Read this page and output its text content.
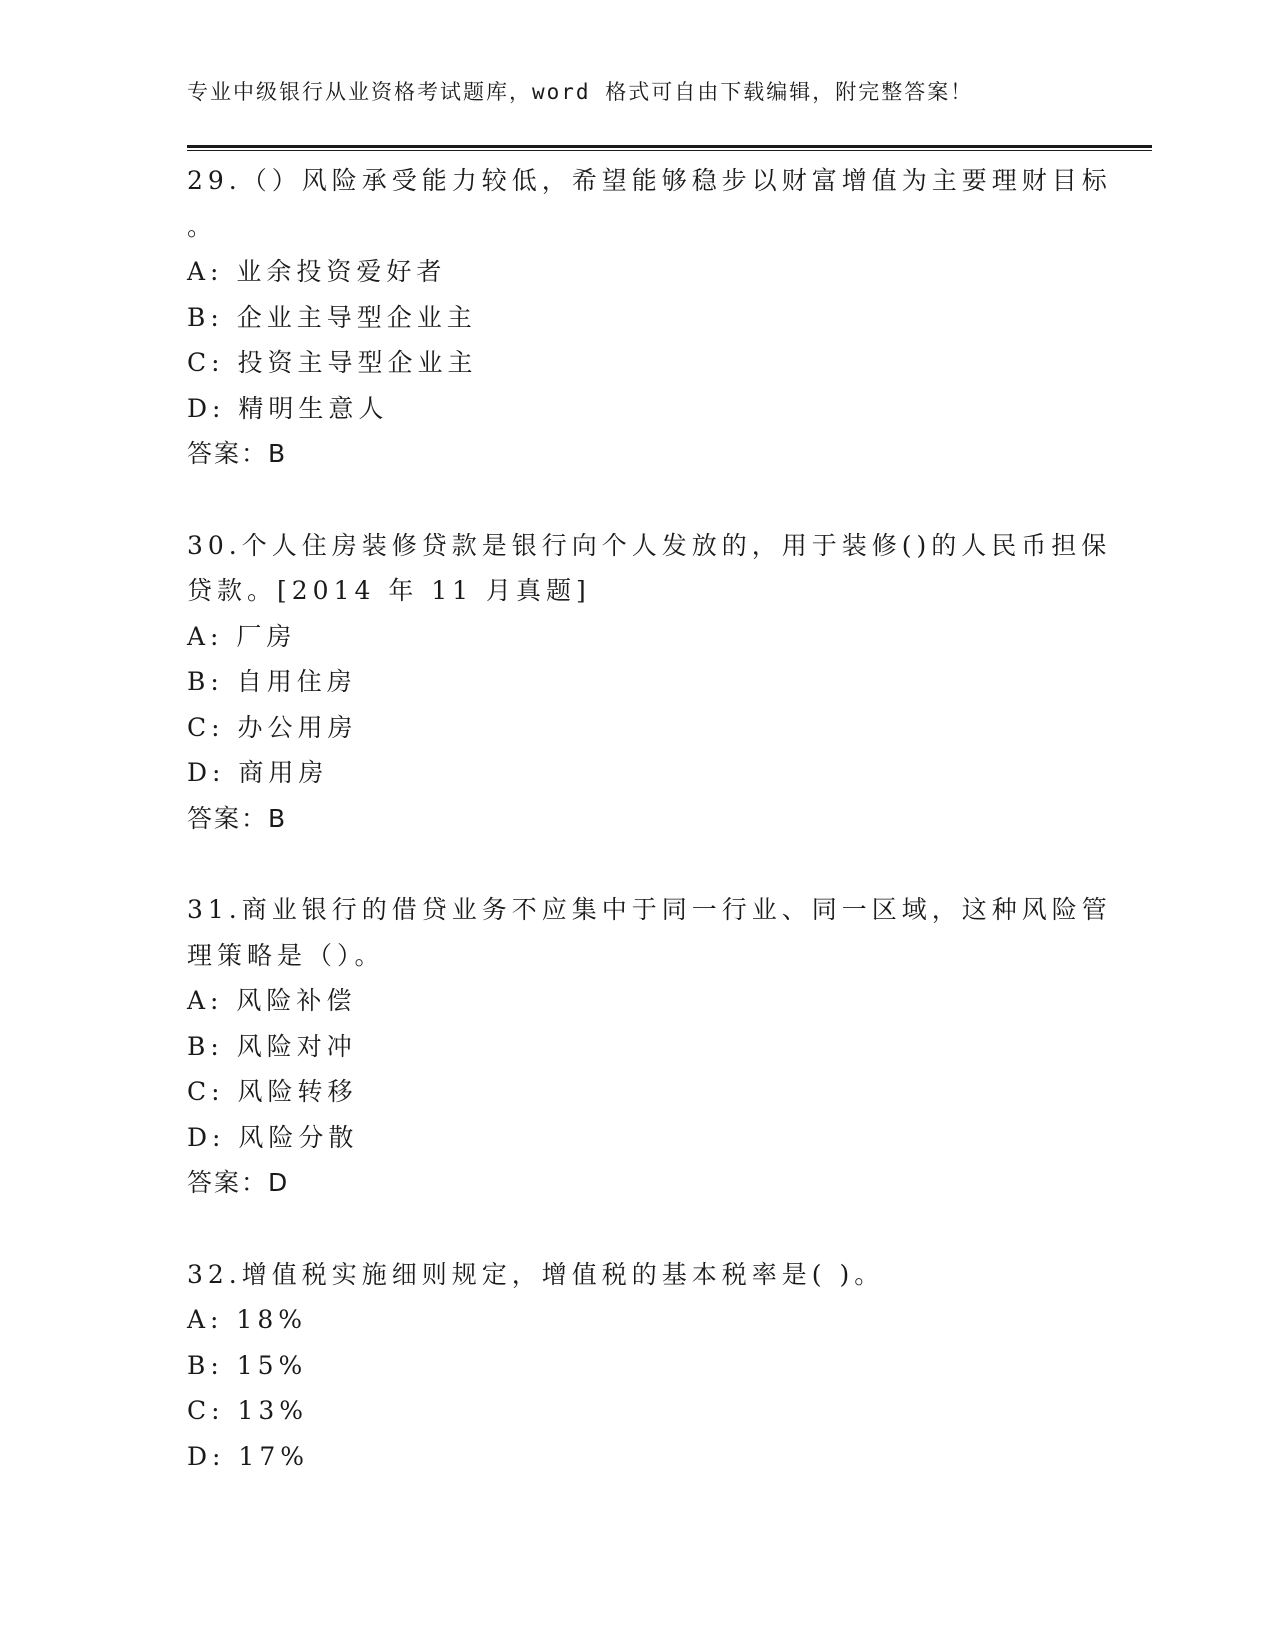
专业中级银行从业资格考试题库，word 格式可自由下载编辑，附完整答案！
29.（）风险承受能力较低，希望能够稳步以财富增值为主要理财目标
。
A: 业余投资爱好者
B: 企业主导型企业主
C: 投资主导型企业主
D: 精明生意人
答案：B
30.个人住房装修贷款是银行向个人发放的，用于装修()的人民币担保
贷款。[2014 年 11 月真题]
A: 厂房
B: 自用住房
C: 办公用房
D: 商用房
答案：B
31.商业银行的借贷业务不应集中于同一行业、同一区域，这种风险管
理策略是（）。
A: 风险补偿
B: 风险对冲
C: 风险转移
D: 风险分散
答案：D
32.增值税实施细则规定，增值税的基本税率是( )。
A: 18%
B: 15%
C: 13%
D: 17%
